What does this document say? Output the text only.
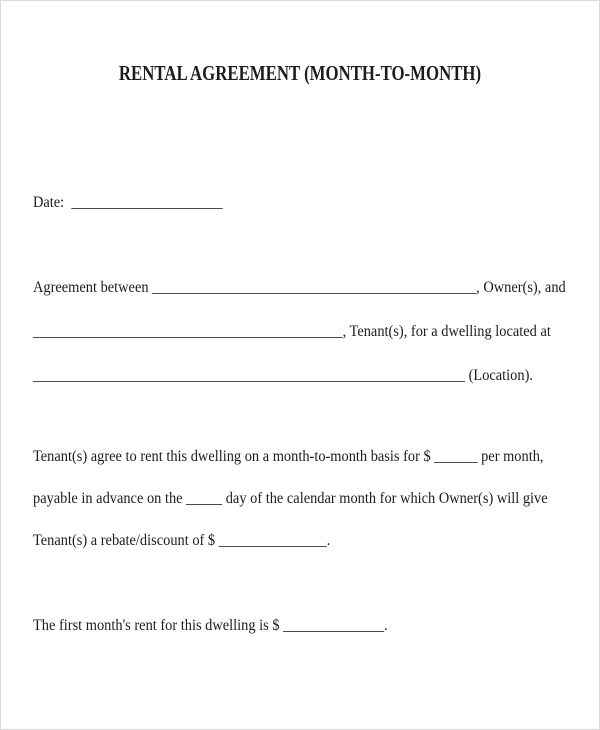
RENTAL AGREEMENT (MONTH-TO-MONTH)
Date:  _____________________
Agreement between _____________________________________________, Owner(s), and
___________________________________________, Tenant(s), for a dwelling located at
____________________________________________________________ (Location).
Tenant(s) agree to rent this dwelling on a month-to-month basis for $ ______ per month,
payable in advance on the _____ day of the calendar month for which Owner(s) will give
Tenant(s) a rebate/discount of $ _______________.
The first month's rent for this dwelling is $ ______________.
